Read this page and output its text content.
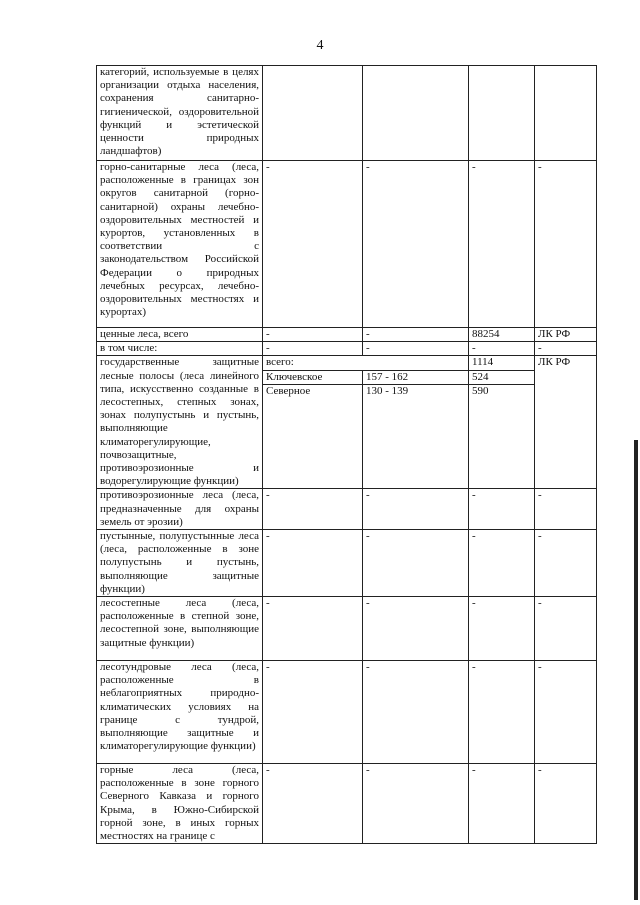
4
категорий, используемые в целях организации отдыха населения, сохранения санитарно-гигиенической, оздоровительной функций и эстетической ценности природных ландшафтов)				
горно-санитарные леса (леса, расположенные в границах зон округов санитарной (горно-санитарной) охраны лечебно-оздоровительных местностей и курортов, установленных в соответствии с законодательством Российской Федерации о природных лечебных ресурсах, лечебно-оздоровительных местностях и курортах)	-	-	-	-
ценные леса, всего	-	-	88254	ЛК РФ
в том числе:	-	-	-	-
государственные защитные лесные полосы (леса линейного типа, искусственно созданные в лесостепных, степных зонах, зонах полупустынь и пустынь, выполняющие климаторегулирующие, почвозащитные, противоэрозионные и водорегулирующие функции)	всего:		1114	ЛК РФ
	Ключевское	157 - 162	524	
	Северное	130 - 139	590	
противоэрозионные леса (леса, предназначенные для охраны земель от эрозии)	-	-	-	-
пустынные, полупустынные леса (леса, расположенные в зоне полупустынь и пустынь, выполняющие защитные функции)	-	-	-	-
лесостепные леса (леса, расположенные в степной зоне, лесостепной зоне, выполняющие защитные функции)	-	-	-	-
лесотундровые леса (леса, расположенные в неблагоприятных природно-климатических условиях на границе с тундрой, выполняющие защитные и климаторегулирующие функции)	-	-	-	-
горные леса (леса, расположенные в зоне горного Северного Кавказа и горного Крыма, в Южно-Сибирской горной зоне, в иных горных местностях на границе с	-	-	-	-
